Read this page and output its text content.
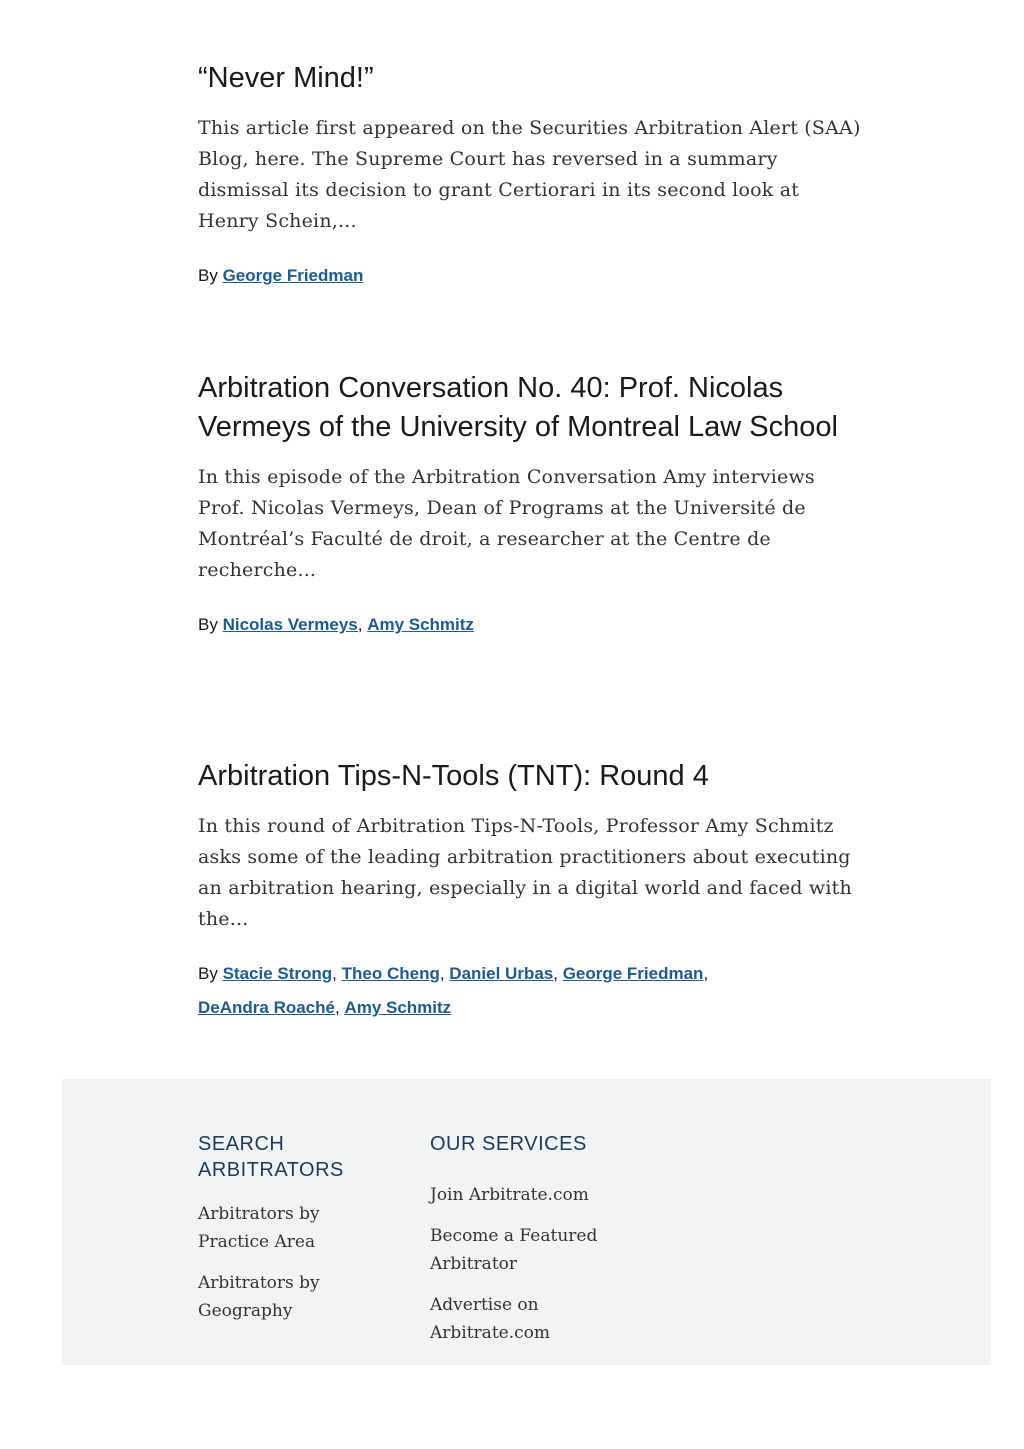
“Never Mind!”

This article first appeared on the Securities Arbitration Alert (SAA) Blog, here. The Supreme Court has reversed in a summary dismissal its decision to grant Certiorari in its second look at Henry Schein,...

By George Friedman
Arbitration Conversation No. 40: Prof. Nicolas Vermeys of the University of Montreal Law School

In this episode of the Arbitration Conversation Amy interviews Prof. Nicolas Vermeys, Dean of Programs at the Université de Montréal’s Faculté de droit, a researcher at the Centre de recherche...

By Nicolas Vermeys, Amy Schmitz
Arbitration Tips-N-Tools (TNT): Round 4

In this round of Arbitration Tips-N-Tools, Professor Amy Schmitz asks some of the leading arbitration practitioners about executing an arbitration hearing, especially in a digital world and faced with the...

By Stacie Strong, Theo Cheng, Daniel Urbas, George Friedman,
DeAndra Roaché, Amy Schmitz
SEARCH ARBITRATORS
Arbitrators by Practice Area
Arbitrators by Geography
OUR SERVICES
Join Arbitrate.com
Become a Featured Arbitrator
Advertise on Arbitrate.com
